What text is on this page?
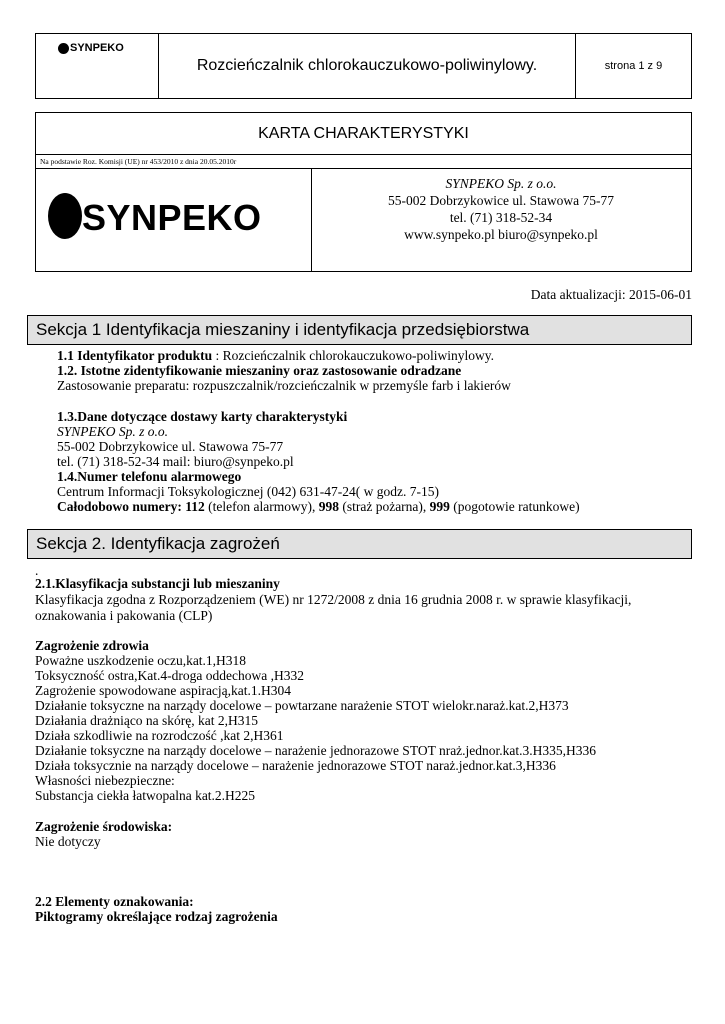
SYNPEKO
Rozcieńczalnik chlorokauczukowo-poliwinylowy.	strona 1 z 9
KARTA CHARAKTERYSTYKI
Na podstawie Roz. Komisji (UE) nr 453/2010 z dnia 20.05.2010r
SYNPEKO
SYNPEKO Sp. z o.o.
55-002 Dobrzykowice ul. Stawowa 75-77
tel. (71) 318-52-34
www.synpeko.pl biuro@synpeko.pl
Data aktualizacji: 2015-06-01
Sekcja 1 Identyfikacja mieszaniny i identyfikacja przedsiębiorstwa
1.1 Identyfikator produktu : Rozcieńczalnik chlorokauczukowo-poliwinylowy.
1.2. Istotne zidentyfikowanie mieszaniny oraz zastosowanie odradzane
Zastosowanie preparatu: rozpuszczalnik/rozcieńczalnik w przemyśle farb i lakierów
1.3.Dane dotyczące dostawy karty charakterystyki
SYNPEKO Sp. z o.o.
55-002 Dobrzykowice ul. Stawowa 75-77
tel. (71) 318-52-34 mail: biuro@synpeko.pl
1.4.Numer telefonu alarmowego
Centrum Informacji Toksykologicznej (042) 631-47-24( w godz. 7-15)
Całodobowo numery: 112 (telefon alarmowy), 998 (straż pożarna), 999 (pogotowie ratunkowe)
Sekcja 2. Identyfikacja zagrożeń
.
2.1.Klasyfikacja substancji lub mieszaniny
Klasyfikacja zgodna z Rozporządzeniem (WE) nr 1272/2008 z dnia 16 grudnia 2008 r. w sprawie klasyfikacji,
oznakowania i pakowania (CLP)
Zagrożenie zdrowia
Poważne uszkodzenie oczu,kat.1,H318
Toksyczność ostra,Kat.4-droga oddechowa ,H332
Zagrożenie spowodowane aspiracją,kat.1.H304
Działanie toksyczne na narządy docelowe – powtarzane narażenie STOT wielokr.naraż.kat.2,H373
Działania drażniąco na skórę, kat 2,H315
Działa szkodliwie na rozrodczość ,kat 2,H361
Działanie toksyczne na narządy docelowe – narażenie jednorazowe STOT nraż.jednor.kat.3.H335,H336
Działa toksycznie na narządy docelowe – narażenie jednorazowe STOT naraż.jednor.kat.3,H336
Własności niebezpieczne:
Substancja ciekła łatwopalna kat.2.H225
Zagrożenie środowiska:
Nie dotyczy
2.2 Elementy oznakowania:
Piktogramy określające rodzaj zagrożenia
